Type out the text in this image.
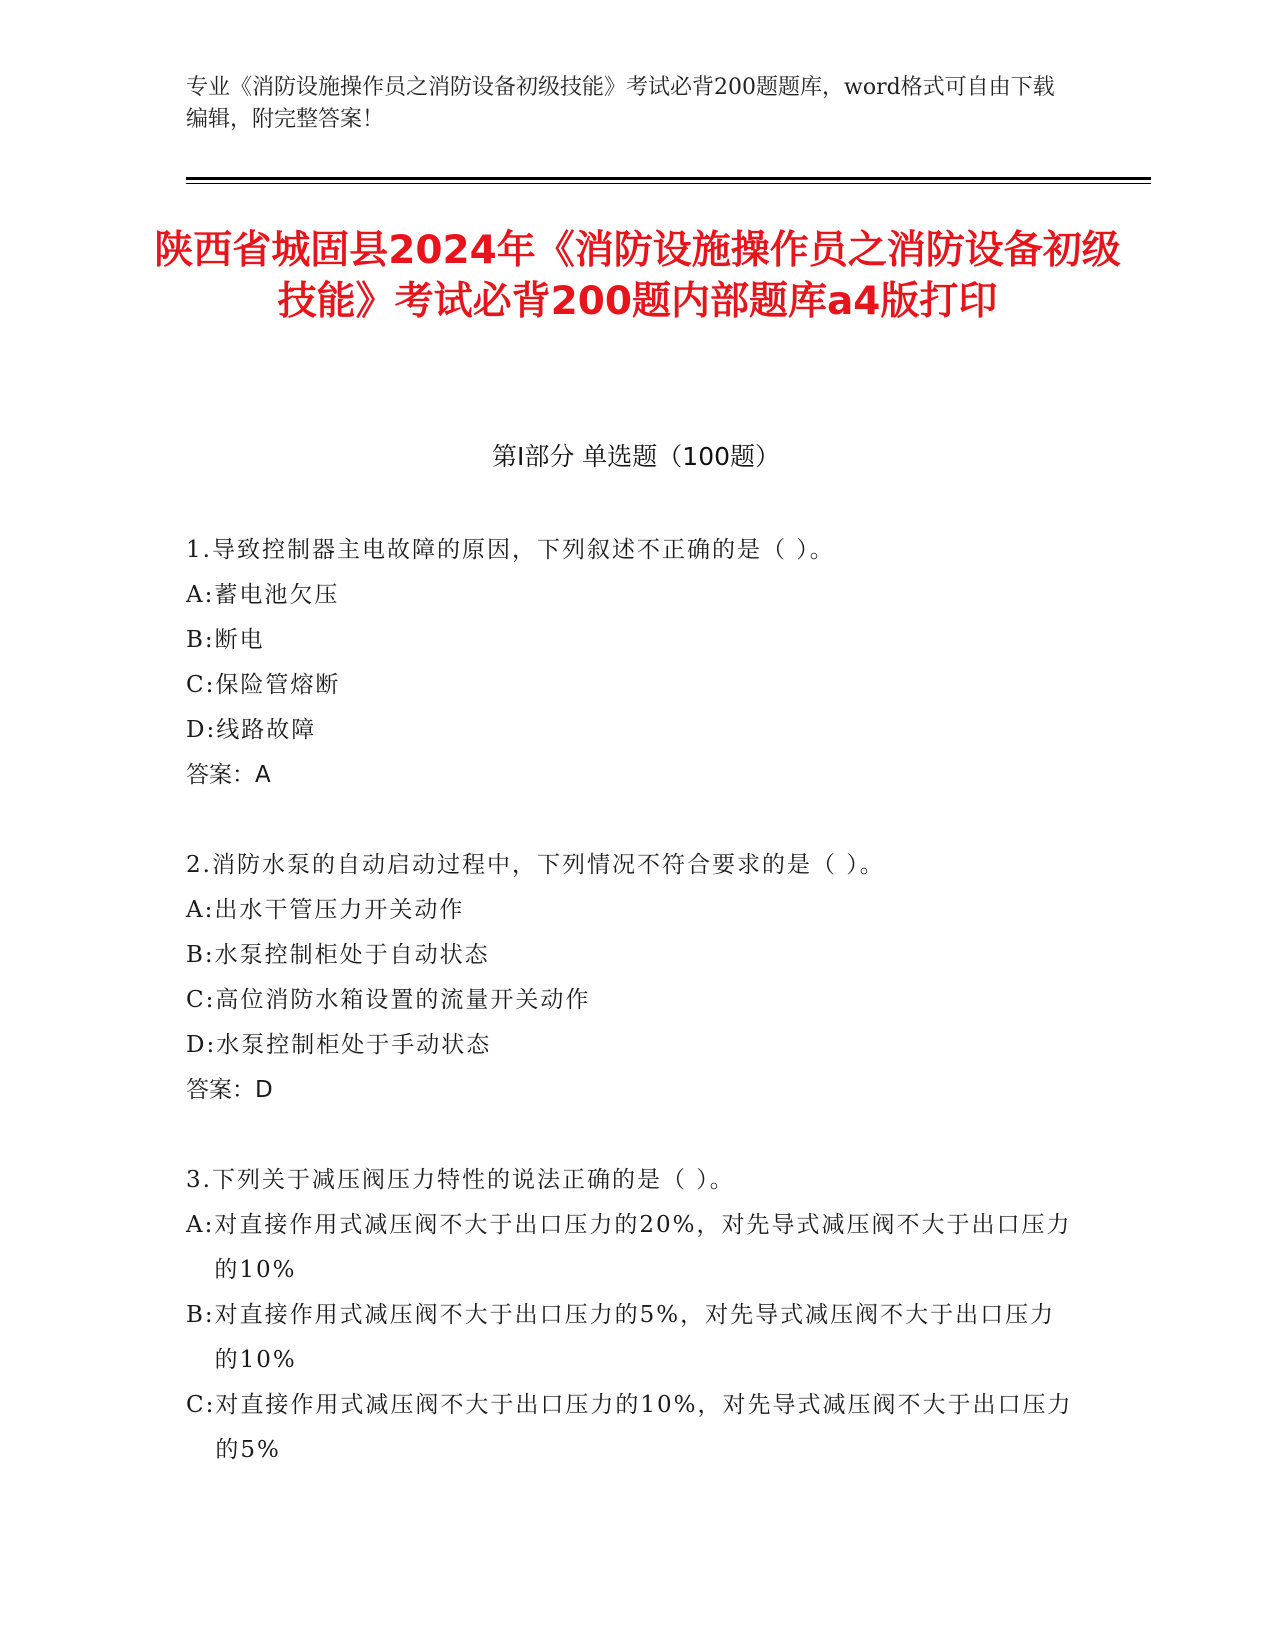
专业《消防设施操作员之消防设备初级技能》考试必背200题题库，word格式可自由下载编辑，附完整答案！
陕西省城固县2024年《消防设施操作员之消防设备初级技能》考试必背200题内部题库a4版打印
第I部分 单选题（100题）

1.导致控制器主电故障的原因，下列叙述不正确的是（ ）。

A: 蓄电池欠压
B: 断电
C: 保险管熔断
D: 线路故障

答案：A

2.消防水泵的自动启动过程中，下列情况不符合要求的是（ ）。

A: 出水干管压力开关动作
B: 水泵控制柜处于自动状态
C: 高位消防水箱设置的流量开关动作
D: 水泵控制柜处于手动状态

答案：D

3.下列关于减压阀压力特性的说法正确的是（ ）。

A: 对直接作用式减压阀不大于出口压力的20%，对先导式减压阀不大于出口压力的10%
B: 对直接作用式减压阀不大于出口压力的5%，对先导式减压阀不大于出口压力的10%
C: 对直接作用式减压阀不大于出口压力的10%，对先导式减压阀不大于出口压力的5%
